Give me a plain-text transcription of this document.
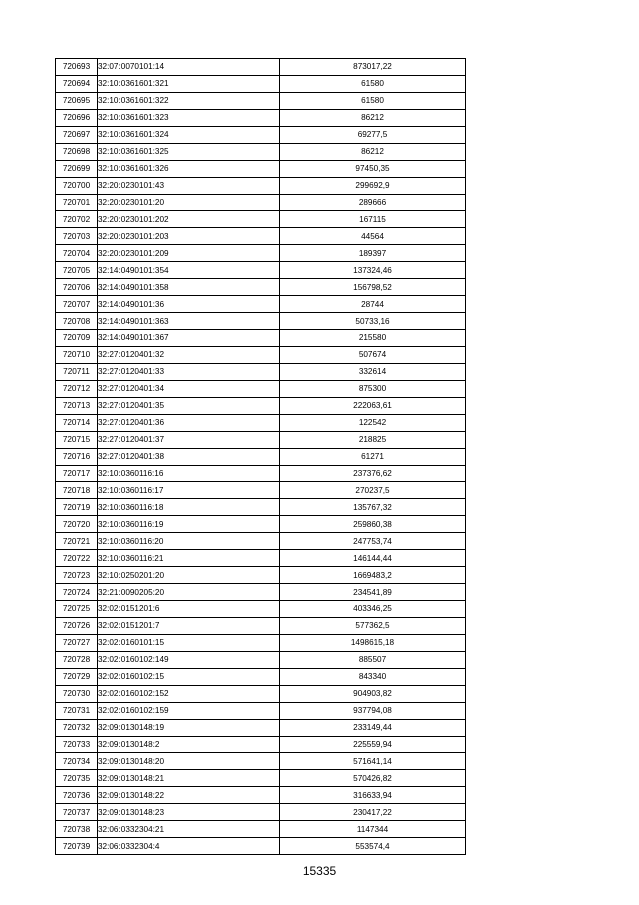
720693	32:07:0070101:14	873017,22
720694	32:10:0361601:321	61580
720695	32:10:0361601:322	61580
720696	32:10:0361601:323	86212
720697	32:10:0361601:324	69277,5
720698	32:10:0361601:325	86212
720699	32:10:0361601:326	97450,35
720700	32:20:0230101:43	299692,9
720701	32:20:0230101:20	289666
720702	32:20:0230101:202	167115
720703	32:20:0230101:203	44564
720704	32:20:0230101:209	189397
720705	32:14:0490101:354	137324,46
720706	32:14:0490101:358	156798,52
720707	32:14:0490101:36	28744
720708	32:14:0490101:363	50733,16
720709	32:14:0490101:367	215580
720710	32:27:0120401:32	507674
720711	32:27:0120401:33	332614
720712	32:27:0120401:34	875300
720713	32:27:0120401:35	222063,61
720714	32:27:0120401:36	122542
720715	32:27:0120401:37	218825
720716	32:27:0120401:38	61271
720717	32:10:0360116:16	237376,62
720718	32:10:0360116:17	270237,5
720719	32:10:0360116:18	135767,32
720720	32:10:0360116:19	259860,38
720721	32:10:0360116:20	247753,74
720722	32:10:0360116:21	146144,44
720723	32:10:0250201:20	1669483,2
720724	32:21:0090205:20	234541,89
720725	32:02:0151201:6	403346,25
720726	32:02:0151201:7	577362,5
720727	32:02:0160101:15	1498615,18
720728	32:02:0160102:149	885507
720729	32:02:0160102:15	843340
720730	32:02:0160102:152	904903,82
720731	32:02:0160102:159	937794,08
720732	32:09:0130148:19	233149,44
720733	32:09:0130148:2	225559,94
720734	32:09:0130148:20	571641,14
720735	32:09:0130148:21	570426,82
720736	32:09:0130148:22	316633,94
720737	32:09:0130148:23	230417,22
720738	32:06:0332304:21	1147344
720739	32:06:0332304:4	553574,4
15335
